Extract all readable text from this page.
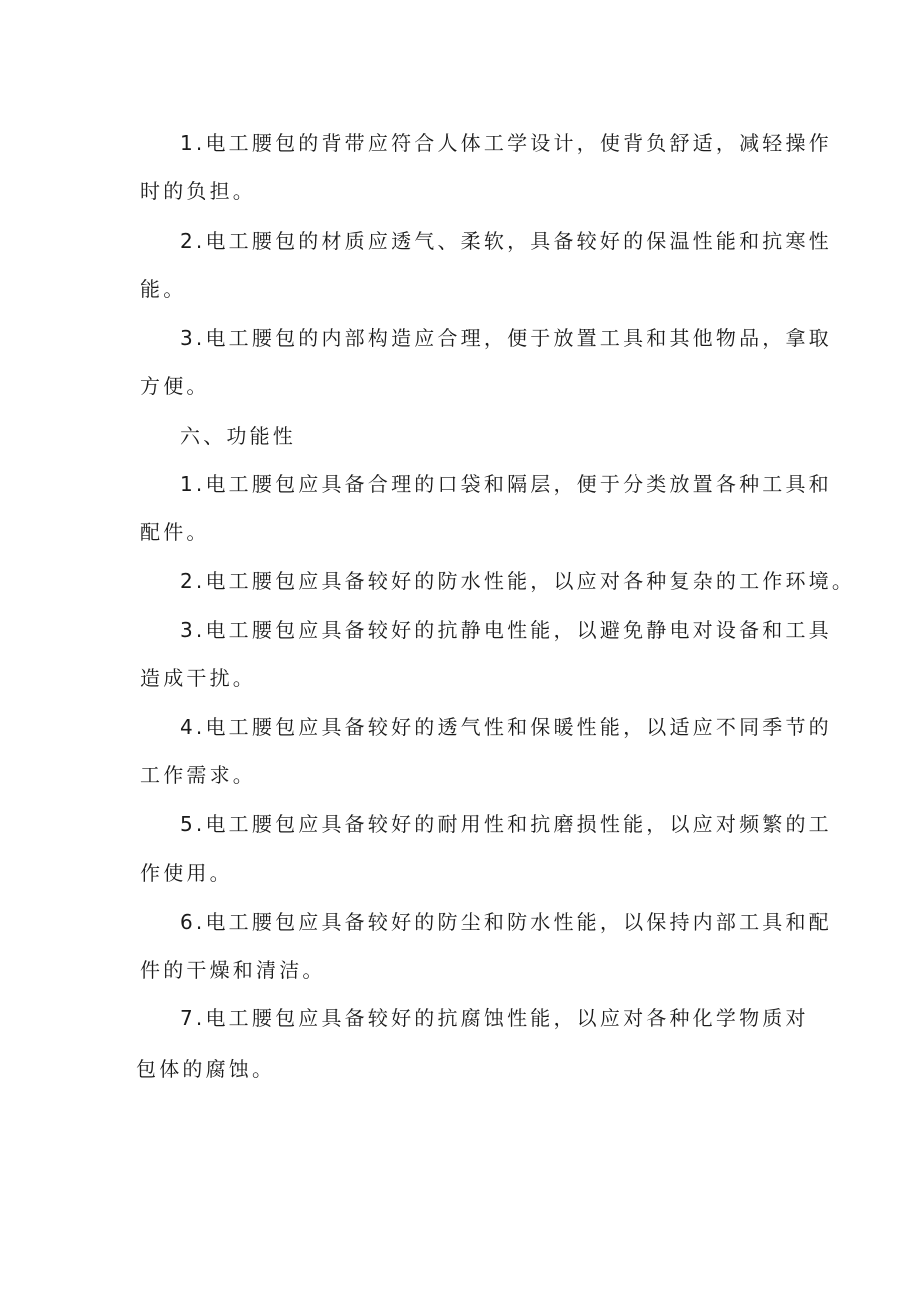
1.电工腰包的背带应符合人体工学设计，使背负舒适，减轻操作
时的负担。
2.电工腰包的材质应透气、柔软，具备较好的保温性能和抗寒性
能。
3.电工腰包的内部构造应合理，便于放置工具和其他物品，拿取
方便。
六、功能性
1.电工腰包应具备合理的口袋和隔层，便于分类放置各种工具和
配件。
2.电工腰包应具备较好的防水性能，以应对各种复杂的工作环境。
3.电工腰包应具备较好的抗静电性能，以避免静电对设备和工具
造成干扰。
4.电工腰包应具备较好的透气性和保暖性能，以适应不同季节的
工作需求。
5.电工腰包应具备较好的耐用性和抗磨损性能，以应对频繁的工
作使用。
6.电工腰包应具备较好的防尘和防水性能，以保持内部工具和配
件的干燥和清洁。
7.电工腰包应具备较好的抗腐蚀性能，以应对各种化学物质对
包体的腐蚀。
